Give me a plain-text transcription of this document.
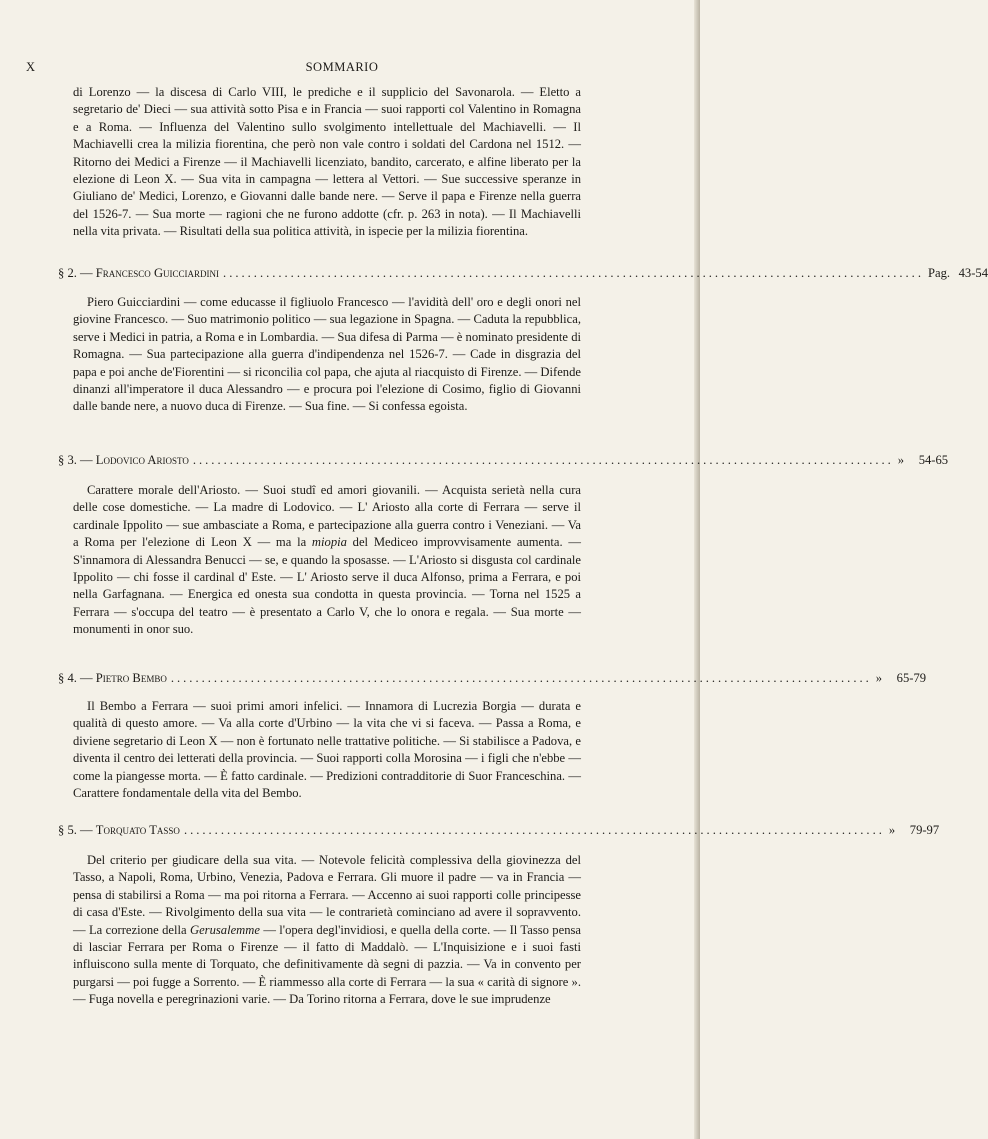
X	SOMMARIO

di Lorenzo — la discesa di Carlo VIII, le prediche e il supplicio del Savonarola. — Eletto a segretario de' Dieci — sua attività sotto Pisa e in Francia — suoi rapporti col Valentino in Romagna e a Roma. — Influenza del Valentino sullo svolgimento intellettuale del Machiavelli. — Il Machiavelli crea la milizia fiorentina, che però non vale contro i soldati del Cardona nel 1512. — Ritorno dei Medici a Firenze — il Machiavelli licenziato, bandito, carcerato, e alfine liberato per la elezione di Leon X. — Sua vita in campagna — lettera al Vettori. — Sue successive speranze in Giuliano de' Medici, Lorenzo, e Giovanni dalle bande nere. — Serve il papa e Firenze nella guerra del 1526-7. — Sua morte — ragioni che ne furono addotte (cfr. p. 263 in nota). — Il Machiavelli nella vita privata. — Risultati della sua politica attività, in ispecie per la milizia fiorentina.

§ 2. — Francesco Guicciardini .................................................................................................................. Pag. 43-54

Piero Guicciardini — come educasse il figliuolo Francesco — l'avidità dell' oro e degli onori nel giovine Francesco. — Suo matrimonio politico — sua legazione in Spagna. — Caduta la repubblica, serve i Medici in patria, a Roma e in Lombardia. — Sua difesa di Parma — è nominato presidente di Romagna. — Sua partecipazione alla guerra d'indipendenza nel 1526-7. — Cade in disgrazia del papa e poi anche de'Fiorentini — si riconcilia col papa, che ajuta al riacquisto di Firenze. — Difende dinanzi all'imperatore il duca Alessandro — e procura poi l'elezione di Cosimo, figlio di Giovanni dalle bande nere, a nuovo duca di Firenze. — Sua fine. — Si confessa egoista.

§ 3. — Lodovico Ariosto .................................................................................................................. » 54-65

Carattere morale dell'Ariosto. — Suoi studî ed amori giovanili. — Acquista serietà nella cura delle cose domestiche. — La madre di Lodovico. — L' Ariosto alla corte di Ferrara — serve il cardinale Ippolito — sue ambasciate a Roma, e partecipazione alla guerra contro i Veneziani. — Va a Roma per l'elezione di Leon X — ma la miopia del Mediceo improvvisamente aumenta. — S'innamora di Alessandra Benucci — se, e quando la sposasse. — L'Ariosto si disgusta col cardinale Ippolito — chi fosse il cardinal d' Este. — L' Ariosto serve il duca Alfonso, prima a Ferrara, e poi nella Garfagnana. — Energica ed onesta sua condotta in questa provincia. — Torna nel 1525 a Ferrara — s'occupa del teatro — è presentato a Carlo V, che lo onora e regala. — Sua morte — monumenti in onor suo.

§ 4. — Pietro Bembo .................................................................................................................. » 65-79

Il Bembo a Ferrara — suoi primi amori infelici. — Innamora di Lucrezia Borgia — durata e qualità di questo amore. — Va alla corte d'Urbino — la vita che vi si faceva. — Passa a Roma, e diviene segretario di Leon X — non è fortunato nelle trattative politiche. — Si stabilisce a Padova, e diventa il centro dei letterati della provincia. — Suoi rapporti colla Morosina — i figli che n'ebbe — come la piangesse morta. — È fatto cardinale. — Predizioni contradditorie di Suor Franceschina. — Carattere fondamentale della vita del Bembo.

§ 5. — Torquato Tasso .................................................................................................................. » 79-97

Del criterio per giudicare della sua vita. — Notevole felicità complessiva della giovinezza del Tasso, a Napoli, Roma, Urbino, Venezia, Padova e Ferrara. Gli muore il padre — va in Francia — pensa di stabilirsi a Roma — ma poi ritorna a Ferrara. — Accenno ai suoi rapporti colle principesse di casa d'Este. — Rivolgimento della sua vita — le contrarietà cominciano ad avere il sopravvento. — La correzione della Gerusalemme — l'opera degl'invidiosi, e quella della corte. — Il Tasso pensa di lasciar Ferrara per Roma o Firenze — il fatto di Maddalò. — L'Inquisizione e i suoi fasti influiscono sulla mente di Torquato, che definitivamente dà segni di pazzia. — Va in convento per purgarsi — poi fugge a Sorrento. — È riammesso alla corte di Ferrara — la sua « carità di signore ». — Fuga novella e peregrinazioni varie. — Da Torino ritorna a Ferrara, dove le sue imprudenze
